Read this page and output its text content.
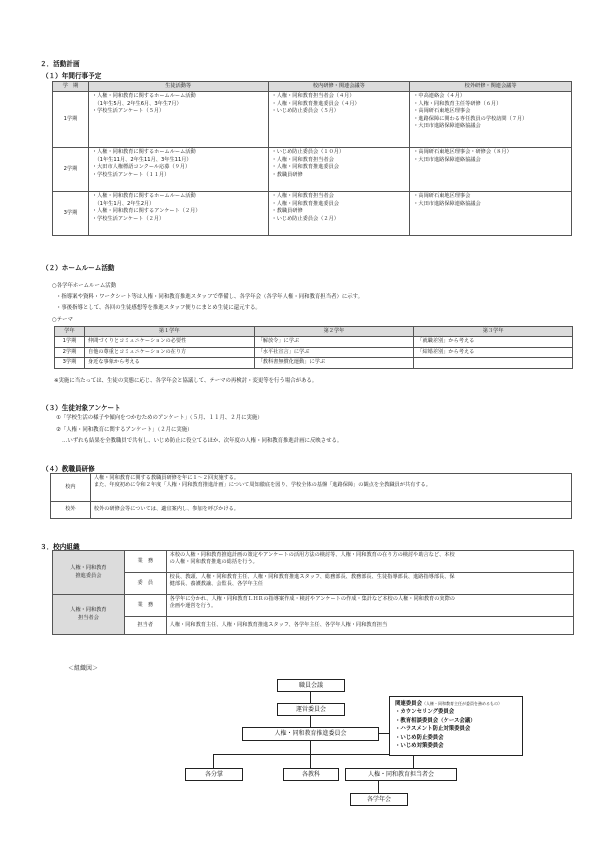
２．活動計画
（１）年間行事予定
学　期	生徒活動等	校内研修・関連会議等	校外研修・関連会議等
1学期	・人権・同和教育に関するホームルーム活動
　（1年生5月、2年生6月、3年生7月）
・学校生活アンケート（５月）	・人権・同和教育担当者会（４月）
・人権・同和教育推進委員会（４月）
・いじめ防止委員会（５月）	・中高連絡会（４月）
・人権・同和教育主任等研修（６月）
・高岡研石東地区理事会
・進路保障に関わる専任教員の学校訪問（７月）
・大田市進路保障連絡協議会

2学期	・人権・同和教育に関するホームルーム活動
　（1年生11月、2年生11月、3年生11月）
・大田市人権標語コンクール応募（９月）
・学校生活アンケート（１１月）	・いじめ防止委員会（１０月）
・人権・同和教育担当者会
・人権・同和教育推進委員会
・教職員研修	・高岡研石東地区理事会・研修会（８月）
・大田市進路保障連絡協議会

3学期	・人権・同和教育に関するホームルーム活動
　（1年生1月、2年生2月）
・人権・同和教育に関するアンケート（２月）
・学校生活アンケート（２月）	・人権・同和教育担当者会
・人権・同和教育推進委員会
・教職員研修
・いじめ防止委員会（２月）	・高岡研石東地区理事会
・大田市進路保障連絡協議会
（２）ホームルーム活動
○各学年ホームルーム活動
・指導案や資料・ワークシート等は人権・同和教育推進スタッフで準備し、各学年会（各学年人権・同和教育担当者）に示す。
・事後指導として、各回の生徒感想等を推進スタッフ便りにまとめ生徒に還元する。
○テーマ
学年	第１学年	第２学年	第３学年
1学期	仲間づくりとコミュニケーションの必要性	「解放令」に学ぶ	「就職差別」から考える
2学期	自他の尊重とコミュニケーションの在り方	「水平社宣言」に学ぶ	「結婚差別」から考える
3学期	身近な事象から考える	「教科書無償化運動」に学ぶ	
※実施に当たっては、生徒の実態に応じ、各学年会と協議して、テーマの再検討・変更等を行う場合がある。
（３）生徒対象アンケート
①「学校生活の様子や傾向をつかむためのアンケート」（５月、１１月、２月に実施）
②「人権・同和教育に関するアンケート」（２月に実施）
…いずれも結果を全教職員で共有し、いじめ防止に役立てるほか、次年度の人権・同和教育推進計画に反映させる。
（４）教職員研修
校内	人権・同和教育に関する教職員研修を年に１～２回実施する。
また、年度初めに令和２年度「人権・同和教育推進計画」について周知徹底を図り、学校全体の基盤「進路保障」の観点を全教職員が共有する。

校外	校外の研修会等については、適宜案内し、参加を呼びかける。
３．校内組織
人権・同和教育
推進委員会	業　務	本校の人権・同和教育推進計画の策定やアンケートの活用方法の検討等、人権・同和教育の在り方の検討や助言など、本校
の人権・同和教育推進の総括を行う。

	委　員	校長、教頭、人権・同和教育主任、人権・同和教育推進スタッフ、総務部長、教務部長、生徒指導部長、進路指導部長、保
健部長、養護教諭、会監長、各学年主任

人権・同和教育
担当者会	業　務	各学年に分かれ、人権・同和教育ＬＨＲの指導案作成・検討やアンケートの作成・集計など本校の人権・同和教育の実際の
企画や運営を行う。

	担当者	人権・同和教育主任、人権・同和教育推進スタッフ、各学年主任、各学年人権・同和教育担当
＜組織図＞
職員会議
運営委員会
人権・同和教育推進委員会
各分掌	各教科	人権・同和教育担当者会
各学年会
関連委員会（人権・同和教育主任が委員を務めるもの）
・カウンセリング委員会
・教育相談委員会（ケース会議）
・ハラスメント防止対策委員会
・いじめ防止委員会
・いじめ対策委員会
